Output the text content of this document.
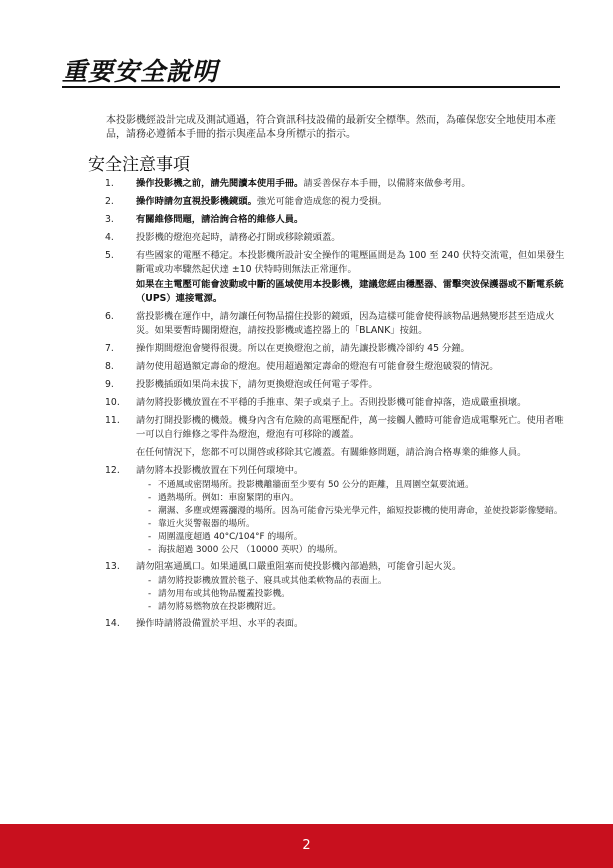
重要安全說明
本投影機經設計完成及測試通過，符合資訊科技設備的最新安全標準。然而，為確保您安全地使用本產品，請務必遵循本手冊的指示與產品本身所標示的指示。
安全注意事項
1.	操作投影機之前，請先閱讀本使用手冊。請妥善保存本手冊，以備將來做參考用。
2.	操作時請勿直視投影機鏡頭。強光可能會造成您的視力受損。
3.	有關維修問題，請洽詢合格的維修人員。
4.	投影機的燈泡亮起時，請務必打開或移除鏡頭蓋。
5.	有些國家的電壓不穩定。本投影機所設計安全操作的電壓區間是為 100 至 240 伏特交流電，但如果發生斷電或功率驟然起伏達 ±10 伏特時則無法正常運作。
如果在主電壓可能會波動或中斷的區域使用本投影機，建議您經由穩壓器、雷擊突波保護器或不斷電系統 （UPS）連接電源。
6.	當投影機在運作中，請勿讓任何物品擋住投影的鏡頭，因為這樣可能會使得該物品遇熱變形甚至造成火災。如果要暫時關閉燈泡，請按投影機或遙控器上的「BLANK」按鈕。
7.	操作期間燈泡會變得很燙。所以在更換燈泡之前，請先讓投影機冷卻約 45 分鐘。
8.	請勿使用超過額定壽命的燈泡。使用超過額定壽命的燈泡有可能會發生燈泡破裂的情況。
9.	投影機插頭如果尚未拔下，請勿更換燈泡或任何電子零件。
10.	請勿將投影機放置在不平穩的手推車、架子或桌子上。否則投影機可能會掉落，造成嚴重損壞。
11.	請勿打開投影機的機殼。機身內含有危險的高電壓配件，萬一接觸人體時可能會造成電擊死亡。使用者唯一可以自行維修之零件為燈泡，燈泡有可移除的護蓋。
在任何情況下，您都不可以開啓或移除其它護蓋。有關維修問題，請洽詢合格專業的維修人員。
12.	請勿將本投影機放置在下列任何環境中。
- 不通風或密閉場所。投影機離牆面至少要有 50 公分的距離，且周圍空氣要流通。
- 過熱場所。例如：車窗緊閉的車內。
- 潮濕、多塵或煙霧瀰漫的場所。因為可能會污染光學元件，縮短投影機的使用壽命，並使投影影像變暗。
- 靠近火災警報器的場所。
- 周圍溫度超過 40°C/104°F 的場所。
- 海拔超過 3000 公尺 （10000 英呎）的場所。
13.	請勿阻塞通風口。如果通風口嚴重阻塞而使投影機內部過熱，可能會引起火災。
- 請勿將投影機放置於毯子、寢具或其他柔軟物品的表面上。
- 請勿用布或其他物品覆蓋投影機。
- 請勿將易燃物放在投影機附近。
14.	操作時請將設備置於平坦、水平的表面。
2
